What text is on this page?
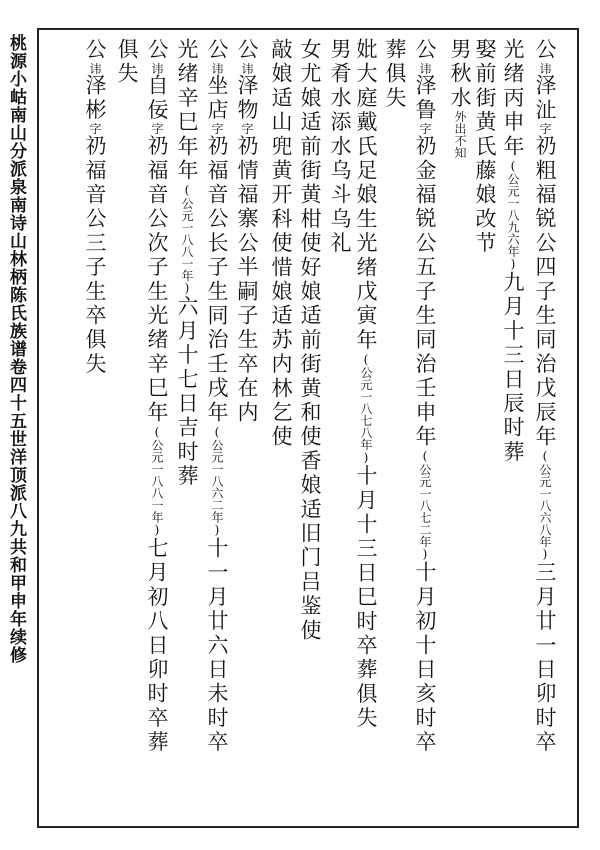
桃源小岵南山分派泉南诗山林柄陈氏族谱卷四十五世洋顶派八九共和甲申年续修
公讳泽沚字礽粗福锐公四子生同治戊辰年(公元一八六八年)三月廿一日卯时卒
光绪丙申年(公元一八九六年)九月十三日辰时葬
娶前街黄氏藤娘改节
男秋水外出不知
公讳泽鲁字礽金福锐公五子生同治壬申年(公元一八七二年)十月初十日亥时卒
葬俱失
妣大庭戴氏足娘生光绪戊寅年(公元一八七八年)十月十三日巳时卒葬俱失
男肴水添水乌斗乌礼
女尤娘适前街黄柑使好娘适前街黄和使香娘适旧门吕鉴使
敲娘适山兜黄开科使惜娘适苏内林乞使
公讳泽物字礽情福寨公半嗣子生卒在内
公讳坐店字礽福音公长子生同治壬戌年(公元一八六二年)十一月廿六日未时卒
光绪辛巳年年(公元一八八一年)六月十七日吉时葬
公讳自佞字礽福音公次子生光绪辛巳年(公元一八八一年)七月初八日卯时卒葬
俱失
公讳泽彬字礽福音公三子生卒俱失
